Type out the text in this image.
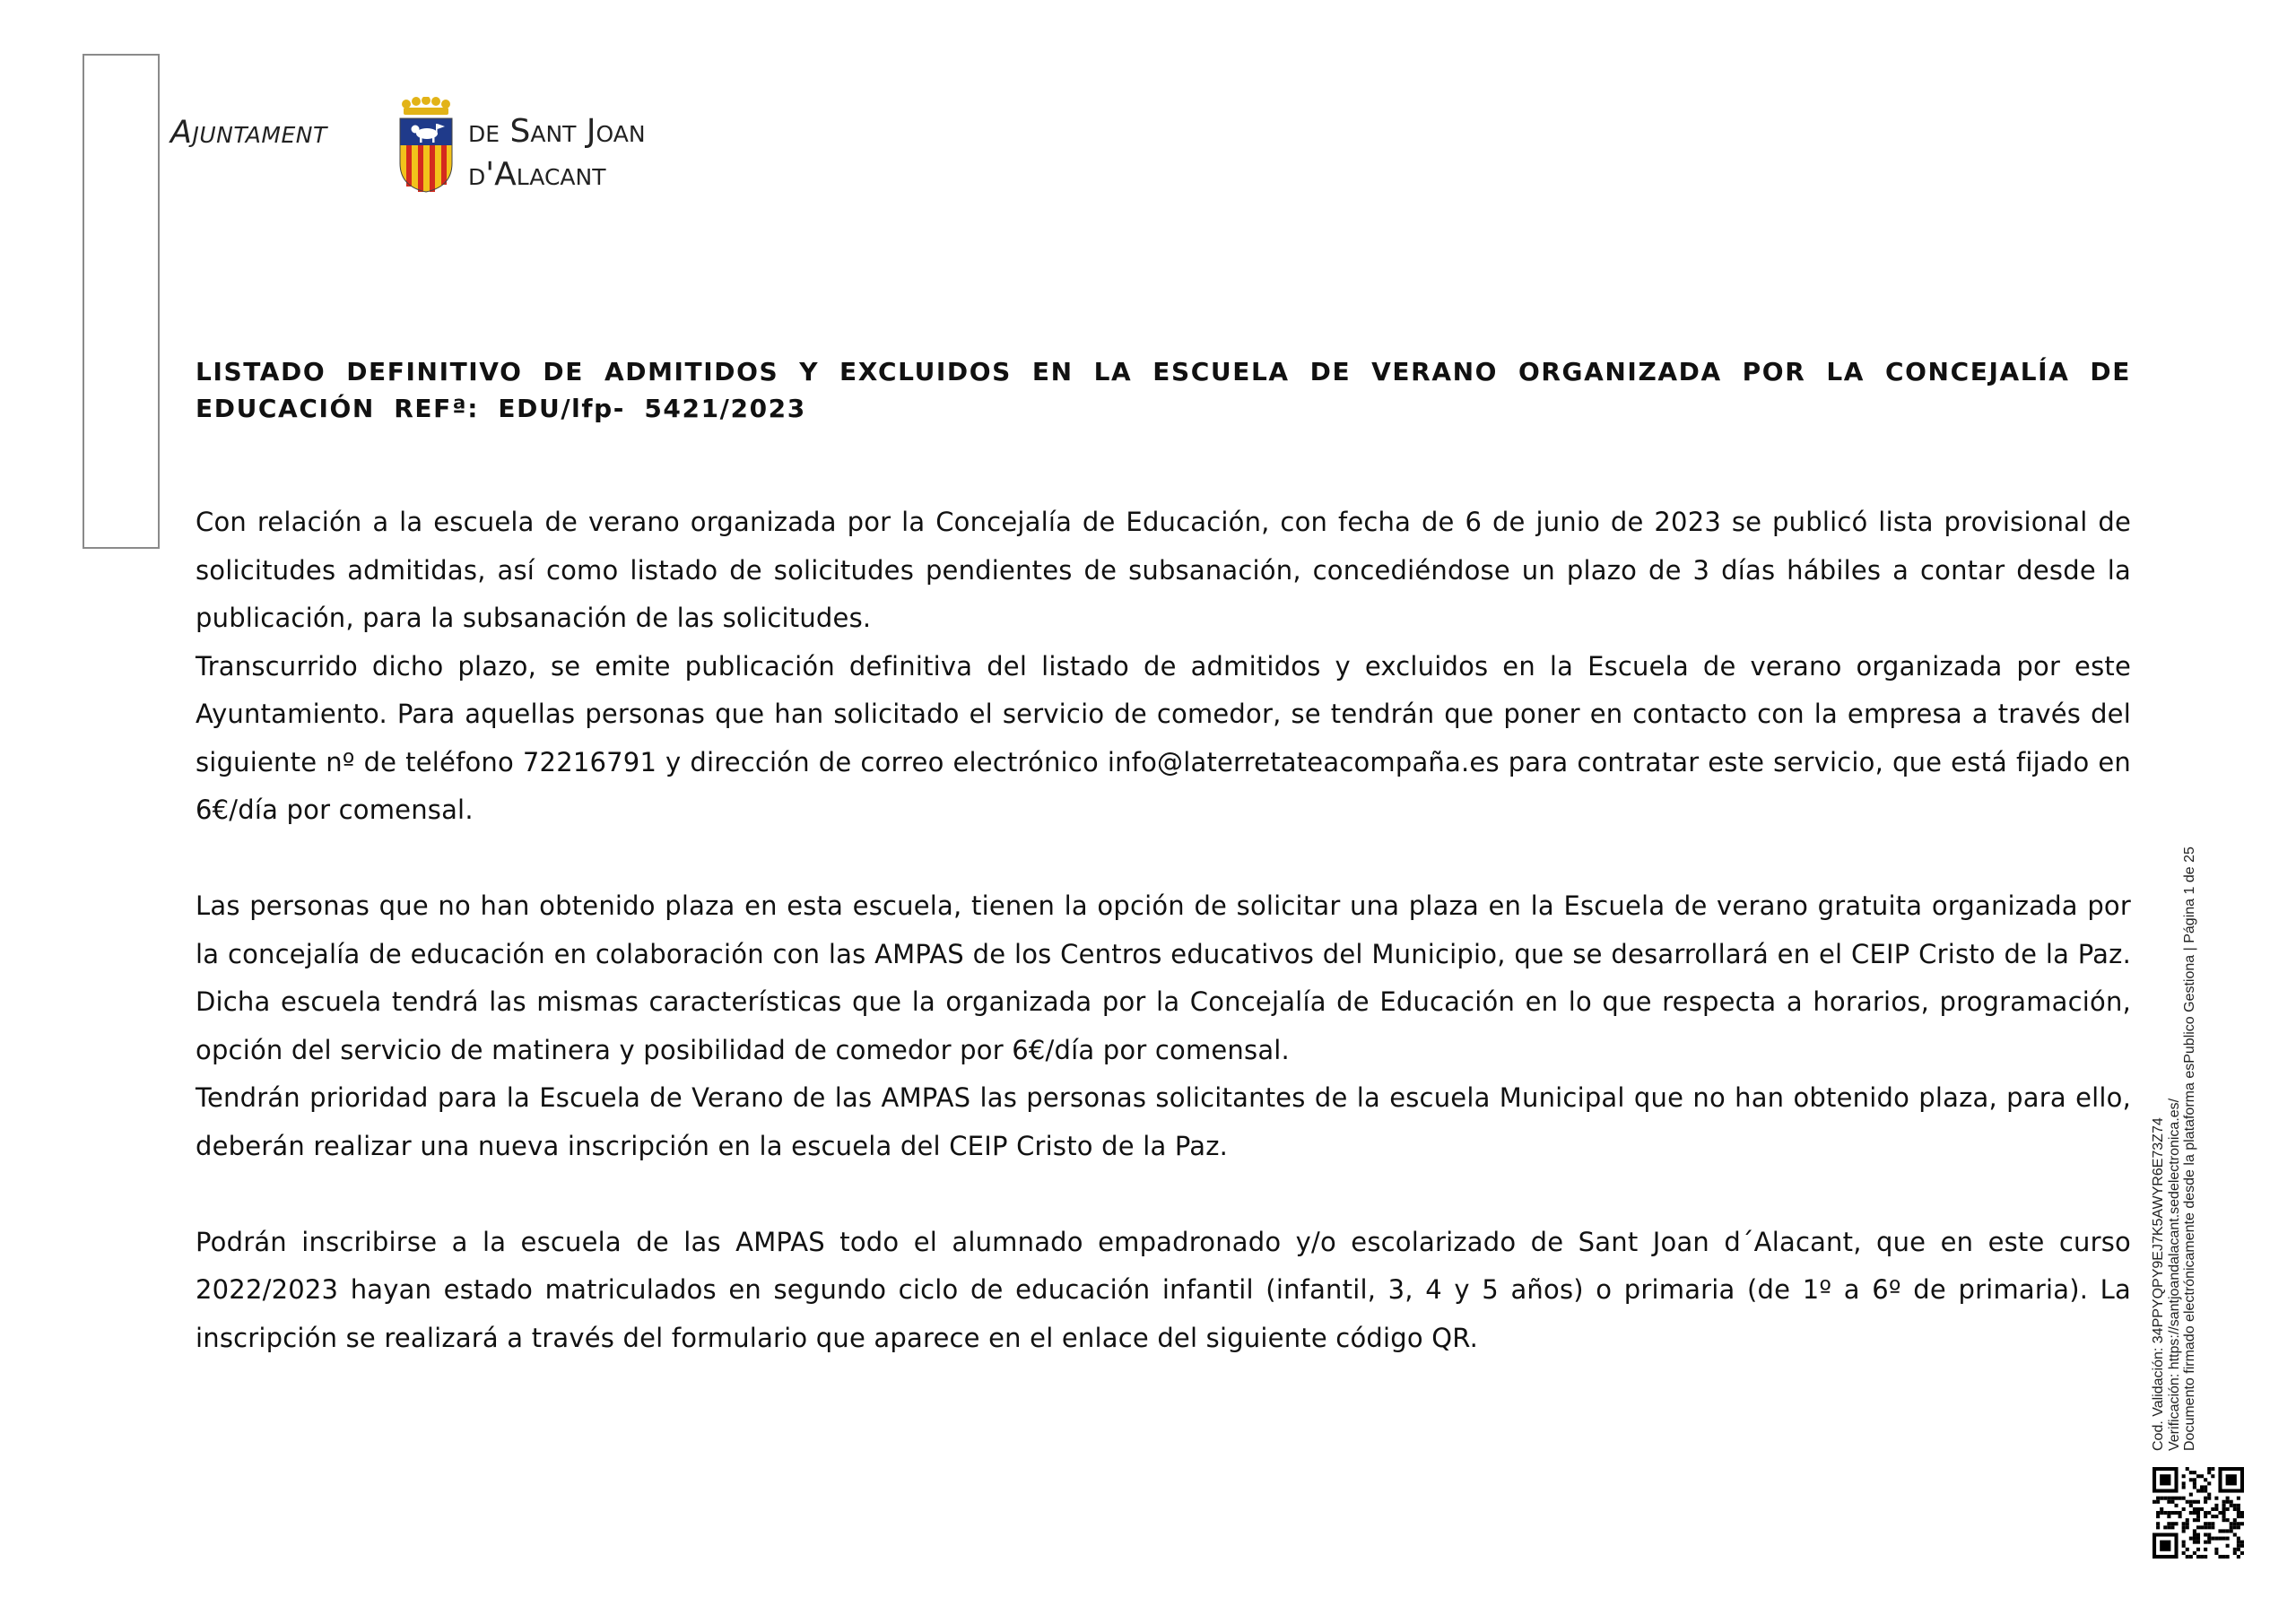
Ajuntament	de Sant Joan
d'Alacant
LISTADO DEFINITIVO DE ADMITIDOS Y EXCLUIDOS EN LA ESCUELA DE VERANO ORGANIZADA POR LA CONCEJALÍA DE EDUCACIÓN REFª: EDU/lfp- 5421/2023

Con relación a la escuela de verano organizada por la Concejalía de Educación, con fecha de 6 de junio de 2023 se publicó lista provisional de solicitudes admitidas, así como listado de solicitudes pendientes de subsanación, concediéndose un plazo de 3 días hábiles a contar desde la publicación, para la subsanación de las solicitudes.

Transcurrido dicho plazo, se emite publicación definitiva del listado de admitidos y excluidos en la Escuela de verano organizada por este Ayuntamiento. Para aquellas personas que han solicitado el servicio de comedor, se tendrán que poner en contacto con la empresa a través del siguiente nº de teléfono 72216791 y dirección de correo electrónico info@laterretateacompaña.es para contratar este servicio, que está fijado en 6€/día por comensal.

Las personas que no han obtenido plaza en esta escuela, tienen la opción de solicitar una plaza en la Escuela de verano gratuita organizada por la concejalía de educación en colaboración con las AMPAS de los Centros educativos del Municipio, que se desarrollará en el CEIP Cristo de la Paz. Dicha escuela tendrá las mismas características que la organizada por la Concejalía de Educación en lo que respecta a horarios, programación, opción del servicio de matinera y posibilidad de comedor por 6€/día por comensal.

Tendrán prioridad para la Escuela de Verano de las AMPAS las personas solicitantes de la escuela Municipal que no han obtenido plaza, para ello, deberán realizar una nueva inscripción en la escuela del CEIP Cristo de la Paz.

Podrán inscribirse a la escuela de las AMPAS todo el alumnado empadronado y/o escolarizado de Sant Joan d´Alacant, que en este curso 2022/2023 hayan estado matriculados en segundo ciclo de educación infantil (infantil, 3, 4 y 5 años) o primaria (de 1º a 6º de primaria). La inscripción se realizará a través del formulario que aparece en el enlace del siguiente código QR.	Cod. Validación: 34PPYQPY9EJ7K5AWYR6E73Z74 Verificación: https://santjoandalacant.sedelectronica.es/ Documento firmado electrónicamente desde la plataforma esPublico Gestiona | Página 1 de 25
